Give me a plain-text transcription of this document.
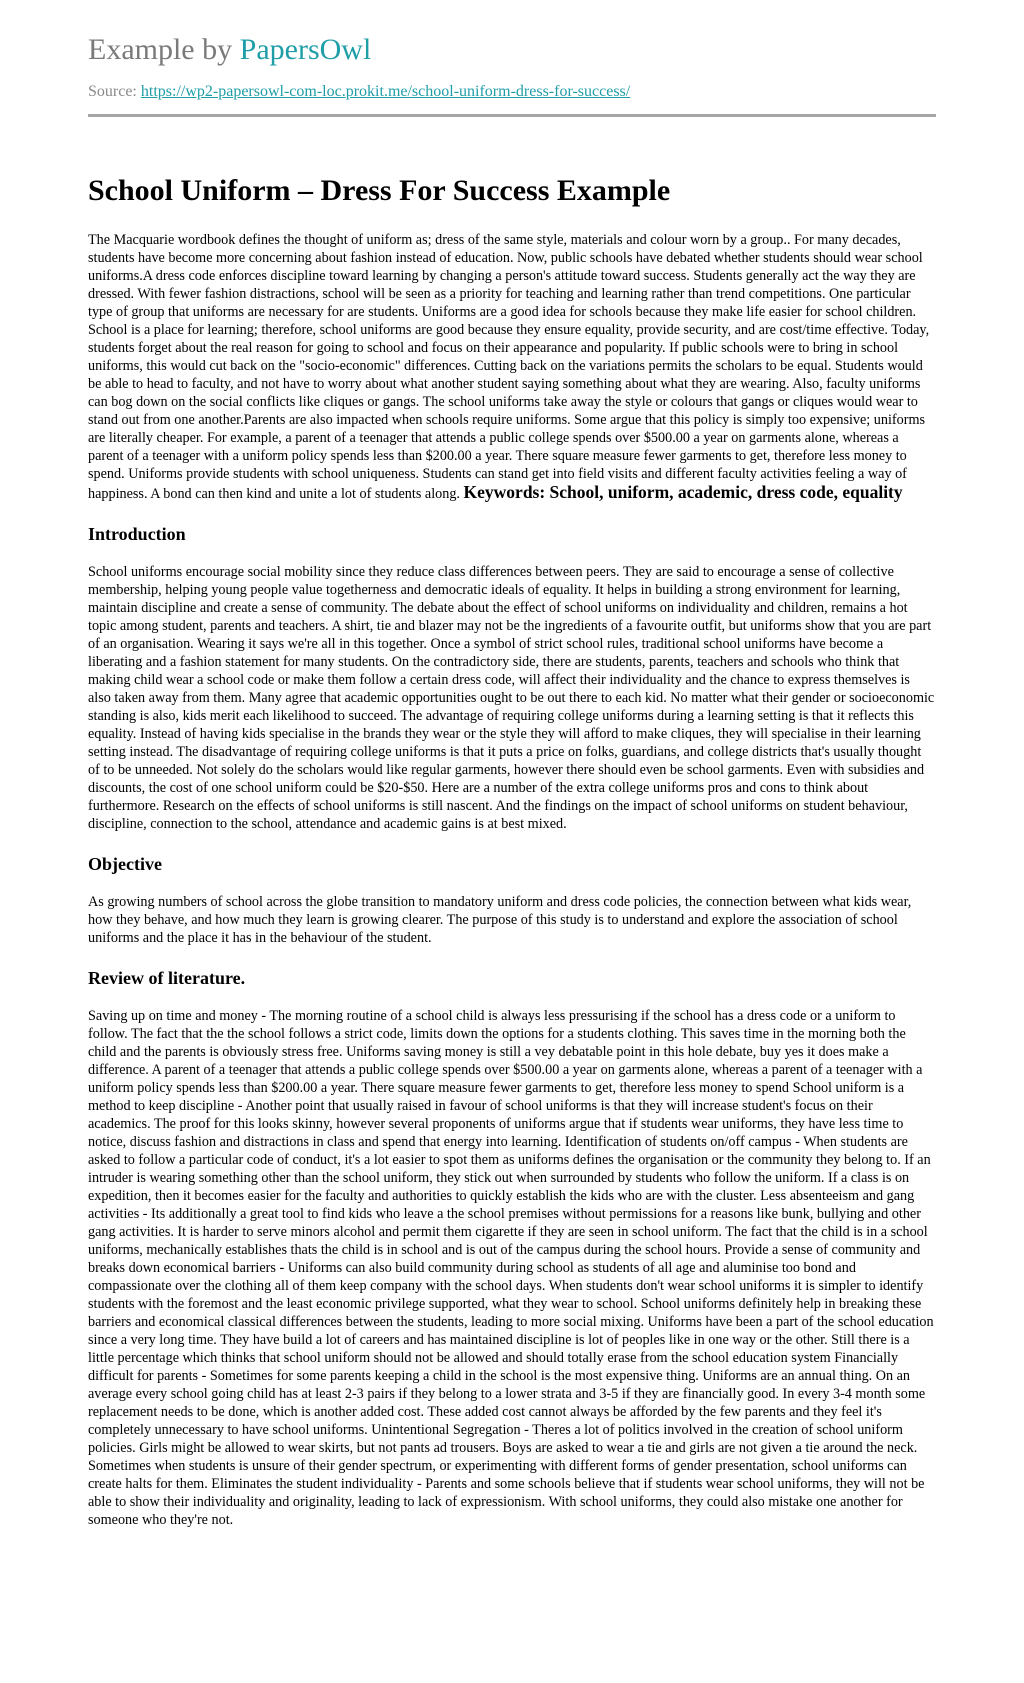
Example by PapersOwl
Source: https://wp2-papersowl-com-loc.prokit.me/school-uniform-dress-for-success/
School Uniform – Dress For Success Example

The Macquarie wordbook defines the thought of uniform as; dress of the same style, materials and colour worn by a group.. For many decades, students have become more concerning about fashion instead of education. Now, public schools have debated whether students should wear school uniforms.A dress code enforces discipline toward learning by changing a person's attitude toward success. Students generally act the way they are dressed. With fewer fashion distractions, school will be seen as a priority for teaching and learning rather than trend competitions. One particular type of group that uniforms are necessary for are students. Uniforms are a good idea for schools because they make life easier for school children. School is a place for learning; therefore, school uniforms are good because they ensure equality, provide security, and are cost/time effective. Today, students forget about the real reason for going to school and focus on their appearance and popularity. If public schools were to bring in school uniforms, this would cut back on the "socio-economic" differences. Cutting back on the variations permits the scholars to be equal. Students would be able to head to faculty, and not have to worry about what another student saying something about what they are wearing. Also, faculty uniforms can bog down on the social conflicts like cliques or gangs. The school uniforms take away the style or colours that gangs or cliques would wear to stand out from one another.Parents are also impacted when schools require uniforms. Some argue that this policy is simply too expensive; uniforms are literally cheaper. For example, a parent of a teenager that attends a public college spends over $500.00 a year on garments alone, whereas a parent of a teenager with a uniform policy spends less than $200.00 a year. There square measure fewer garments to get, therefore less money to spend. Uniforms provide students with school uniqueness. Students can stand get into field visits and different faculty activities feeling a way of happiness. A bond can then kind and unite a lot of students along. Keywords: School, uniform, academic, dress code, equality

Introduction

School uniforms encourage social mobility since they reduce class differences between peers. They are said to encourage a sense of collective membership, helping young people value togetherness and democratic ideals of equality. It helps in building a strong environment for learning, maintain discipline and create a sense of community. The debate about the effect of school uniforms on individuality and children, remains a hot topic among student, parents and teachers. A shirt, tie and blazer may not be the ingredients of a favourite outfit, but uniforms show that you are part of an organisation. Wearing it says we're all in this together. Once a symbol of strict school rules, traditional school uniforms have become a liberating and a fashion statement for many students. On the contradictory side, there are students, parents, teachers and schools who think that making child wear a school code or make them follow a certain dress code, will affect their individuality and the chance to express themselves is also taken away from them. Many agree that academic opportunities ought to be out there to each kid. No matter what their gender or socioeconomic standing is also, kids merit each likelihood to succeed. The advantage of requiring college uniforms during a learning setting is that it reflects this equality. Instead of having kids specialise in the brands they wear or the style they will afford to make cliques, they will specialise in their learning setting instead. The disadvantage of requiring college uniforms is that it puts a price on folks, guardians, and college districts that's usually thought of to be unneeded. Not solely do the scholars would like regular garments, however there should even be school garments. Even with subsidies and discounts, the cost of one school uniform could be $20-$50. Here are a number of the extra college uniforms pros and cons to think about furthermore. Research on the effects of school uniforms is still nascent. And the findings on the impact of school uniforms on student behaviour, discipline, connection to the school, attendance and academic gains is at best mixed.

Objective

As growing numbers of school across the globe transition to mandatory uniform and dress code policies, the connection between what kids wear, how they behave, and how much they learn is growing clearer. The purpose of this study is to understand and explore the association of school uniforms and the place it has in the behaviour of the student.

Review of literature.

Saving up on time and money - The morning routine of a school child is always less pressurising if the school has a dress code or a uniform to follow. The fact that the the school follows a strict code, limits down the options for a students clothing. This saves time in the morning both the child and the parents is obviously stress free. Uniforms saving money is still a vey debatable point in this hole debate, buy yes it does make a difference. A parent of a teenager that attends a public college spends over $500.00 a year on garments alone, whereas a parent of a teenager with a uniform policy spends less than $200.00 a year. There square measure fewer garments to get, therefore less money to spend School uniform is a method to keep discipline - Another point that usually raised in favour of school uniforms is that they will increase student's focus on their academics. The proof for this looks skinny, however several proponents of uniforms argue that if students wear uniforms, they have less time to notice, discuss fashion and distractions in class and spend that energy into learning. Identification of students on/off campus - When students are asked to follow a particular code of conduct, it's a lot easier to spot them as uniforms defines the organisation or the community they belong to. If an intruder is wearing something other than the school uniform, they stick out when surrounded by students who follow the uniform. If a class is on expedition, then it becomes easier for the faculty and authorities to quickly establish the kids who are with the cluster. Less absenteeism and gang activities - Its additionally a great tool to find kids who leave a the school premises without permissions for a reasons like bunk, bullying and other gang activities. It is harder to serve minors alcohol and permit them cigarette if they are seen in school uniform. The fact that the child is in a school uniforms, mechanically establishes thats the child is in school and is out of the campus during the school hours. Provide a sense of community and breaks down economical barriers - Uniforms can also build community during school as students of all age and aluminise too bond and compassionate over the clothing all of them keep company with the school days. When students don't wear school uniforms it is simpler to identify students with the foremost and the least economic privilege supported, what they wear to school. School uniforms definitely help in breaking these barriers and economical classical differences between the students, leading to more social mixing. Uniforms have been a part of the school education since a very long time. They have build a lot of careers and has maintained discipline is lot of peoples like in one way or the other. Still there is a little percentage which thinks that school uniform should not be allowed and should totally erase from the school education system Financially difficult for parents - Sometimes for some parents keeping a child in the school is the most expensive thing. Uniforms are an annual thing. On an average every school going child has at least 2-3 pairs if they belong to a lower strata and 3-5 if they are financially good. In every 3-4 month some replacement needs to be done, which is another added cost. These added cost cannot always be afforded by the few parents and they feel it's completely unnecessary to have school uniforms. Unintentional Segregation - Theres a lot of politics involved in the creation of school uniform policies. Girls might be allowed to wear skirts, but not pants ad trousers. Boys are asked to wear a tie and girls are not given a tie around the neck. Sometimes when students is unsure of their gender spectrum, or experimenting with different forms of gender presentation, school uniforms can create halts for them. Eliminates the student individuality - Parents and some schools believe that if students wear school uniforms, they will not be able to show their individuality and originality, leading to lack of expressionism. With school uniforms, they could also mistake one another for someone who they're not.
